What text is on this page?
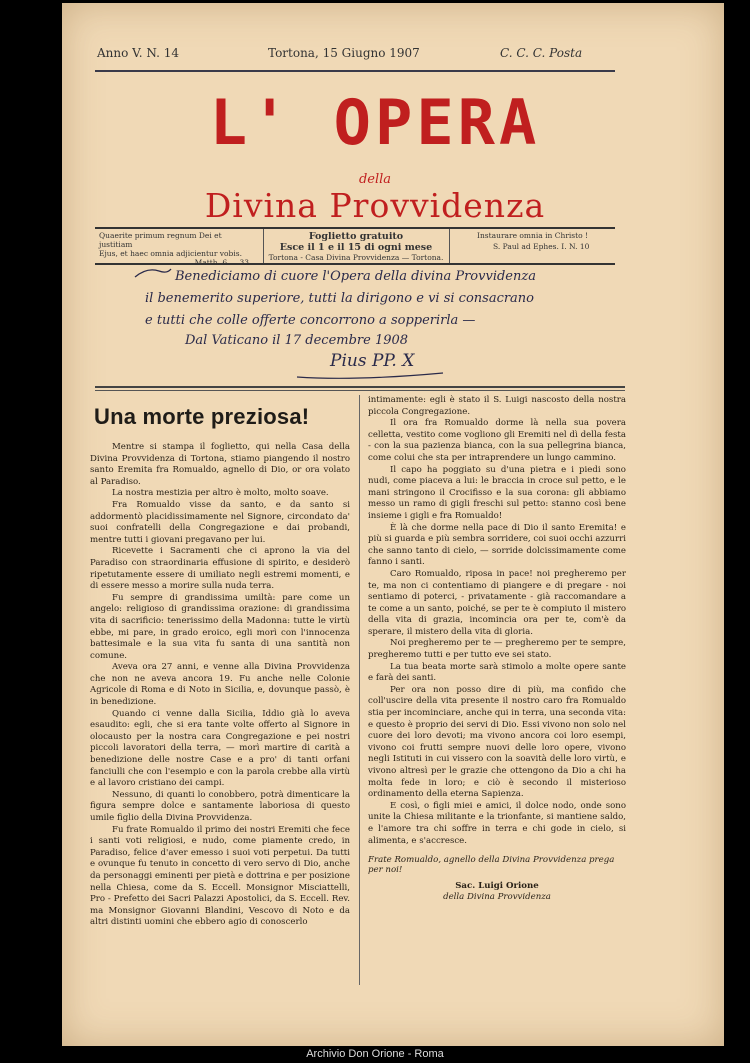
Anno V. N. 14	Tortona, 15 Giugno 1907	C. C. C. Posta
L' OPERA
della
Divina Provvidenza
Quaerite primum regnum Dei et justitiam
Ejus, et haec omnia adjicientur vobis.
Matth. 6 — 33
Foglietto gratuito
Esce il 1 e il 15 di ogni mese
Tortona - Casa Divina Provvidenza — Tortona.
Instaurare omnia in Christo !
S. Paul ad Ephes. I. N. 10
Benediciamo di cuore l'Opera della divina Provvidenza
il benemerito superiore, tutti la dirigono e vi si consacrano
e tutti che colle offerte concorrono a sopperirla —
Dal Vaticano il 17 decembre 1908
Pius PP. X
Una morte preziosa!

Mentre si stampa il foglietto, qui nella Casa della Divina Provvidenza di Tortona, stiamo piangendo il nostro santo Eremita fra Romualdo, agnello di Dio, or ora volato al Paradiso.

La nostra mestizia per altro è molto, molto soave.

Fra Romualdo visse da santo, e da santo si addormentò placidissimamente nel Signore, circondato da' suoi confratelli della Congregazione e dai probandi, mentre tutti i giovani pregavano per lui.

Ricevette i Sacramenti che ci aprono la via del Paradiso con straordinaria effusione di spirito, e desiderò ripetutamente essere di umiliato negli estremi momenti, e di essere messo a morire sulla nuda terra.

Fu sempre di grandissima umiltà: pare come un angelo: religioso di grandissima orazione: di grandissima vita di sacrificio: tenerissimo della Madonna: tutte le virtù ebbe, mi pare, in grado eroico, egli morì con l'innocenza battesimale e la sua vita fu santa di una santità non comune.

Aveva ora 27 anni, e venne alla Divina Provvidenza che non ne aveva ancora 19. Fu anche nelle Colonie Agricole di Roma e di Noto in Sicilia, e, dovunque passò, è in benedizione.

Quando ci venne dalla Sicilia, Iddio già lo aveva esaudito: egli, che si era tante volte offerto al Signore in olocausto per la nostra cara Congregazione e pei nostri piccoli lavoratori della terra, — morì martire di carità a benedizione delle nostre Case e a pro' di tanti orfani fanciulli che con l'esempio e con la parola crebbe alla virtù e al lavoro cristiano dei campi.

Nessuno, di quanti lo conobbero, potrà dimenticare la figura sempre dolce e santamente laboriosa di questo umile figlio della Divina Provvidenza.

Fu frate Romualdo il primo dei nostri Eremiti che fece i santi voti religiosi, e nudo, come piamente credo, in Paradiso, felice d'aver emesso i suoi voti perpetui. Da tutti e ovunque fu tenuto in concetto di vero servo di Dio, anche da personaggi eminenti per pietà e dottrina e per posizione nella Chiesa, come da S. Eccell. Monsignor Misciattelli, Pro - Prefetto dei Sacri Palazzi Apostolici, da S. Eccell. Rev. ma Monsignor Giovanni Blandini, Vescovo di Noto e da altri distinti uomini che ebbero agio di conoscerlo

intimamente: egli è stato il S. Luigi nascosto della nostra piccola Congregazione.

Il ora fra Romualdo dorme là nella sua povera celletta, vestito come vogliono gli Eremiti nel dì della festa - con la sua pazienza bianca, con la sua pellegrina bianca, come colui che sta per intraprendere un lungo cammino.

Il capo ha poggiato su d'una pietra e i piedi sono nudi, come piaceva a lui: le braccia in croce sul petto, e le mani stringono il Crocifisso e la sua corona: gli abbiamo messo un ramo di gigli freschi sul petto: stanno così bene insieme i gigli e fra Romualdo!

È là che dorme nella pace di Dio il santo Eremita! e più si guarda e più sembra sorridere, coi suoi occhi azzurri che sanno tanto di cielo, — sorride dolcissimamente come fanno i santi.

Caro Romualdo, riposa in pace! noi pregheremo per te, ma non ci contentiamo di piangere e di pregare - noi sentiamo di poterci, - privatamente - già raccomandare a te come a un santo, poiché, se per te è compiuto il mistero della vita di grazia, incomincia ora per te, com'è da sperare, il mistero della vita di gloria.

Noi pregheremo per te — pregheremo per te sempre, pregheremo tutti e per tutto eve sei stato.

La tua beata morte sarà stimolo a molte opere sante e farà dei santi.

Per ora non posso dire di più, ma confido che coll'uscire della vita presente il nostro caro fra Romualdo stia per incominciare, anche qui in terra, una seconda vita: e questo è proprio dei servi di Dio. Essi vivono non solo nel cuore dei loro devoti; ma vivono ancora coi loro esempi, vivono coi frutti sempre nuovi delle loro opere, vivono negli Istituti in cui vissero con la soavità delle loro virtù, e vivono altresì per le grazie che ottengono da Dio a chi ha molta fede in loro; e ciò è secondo il misterioso ordinamento della eterna Sapienza.

E così, o figli miei e amici, il dolce nodo, onde sono unite la Chiesa militante e la trionfante, si mantiene saldo, e l'amore tra chi soffre in terra e chi gode in cielo, si alimenta, e s'accresce.

Frate Romualdo, agnello della Divina Provvidenza prega per noi!
Sac. Luigi Orione
della Divina Provvidenza
Archivio Don Orione - Roma
